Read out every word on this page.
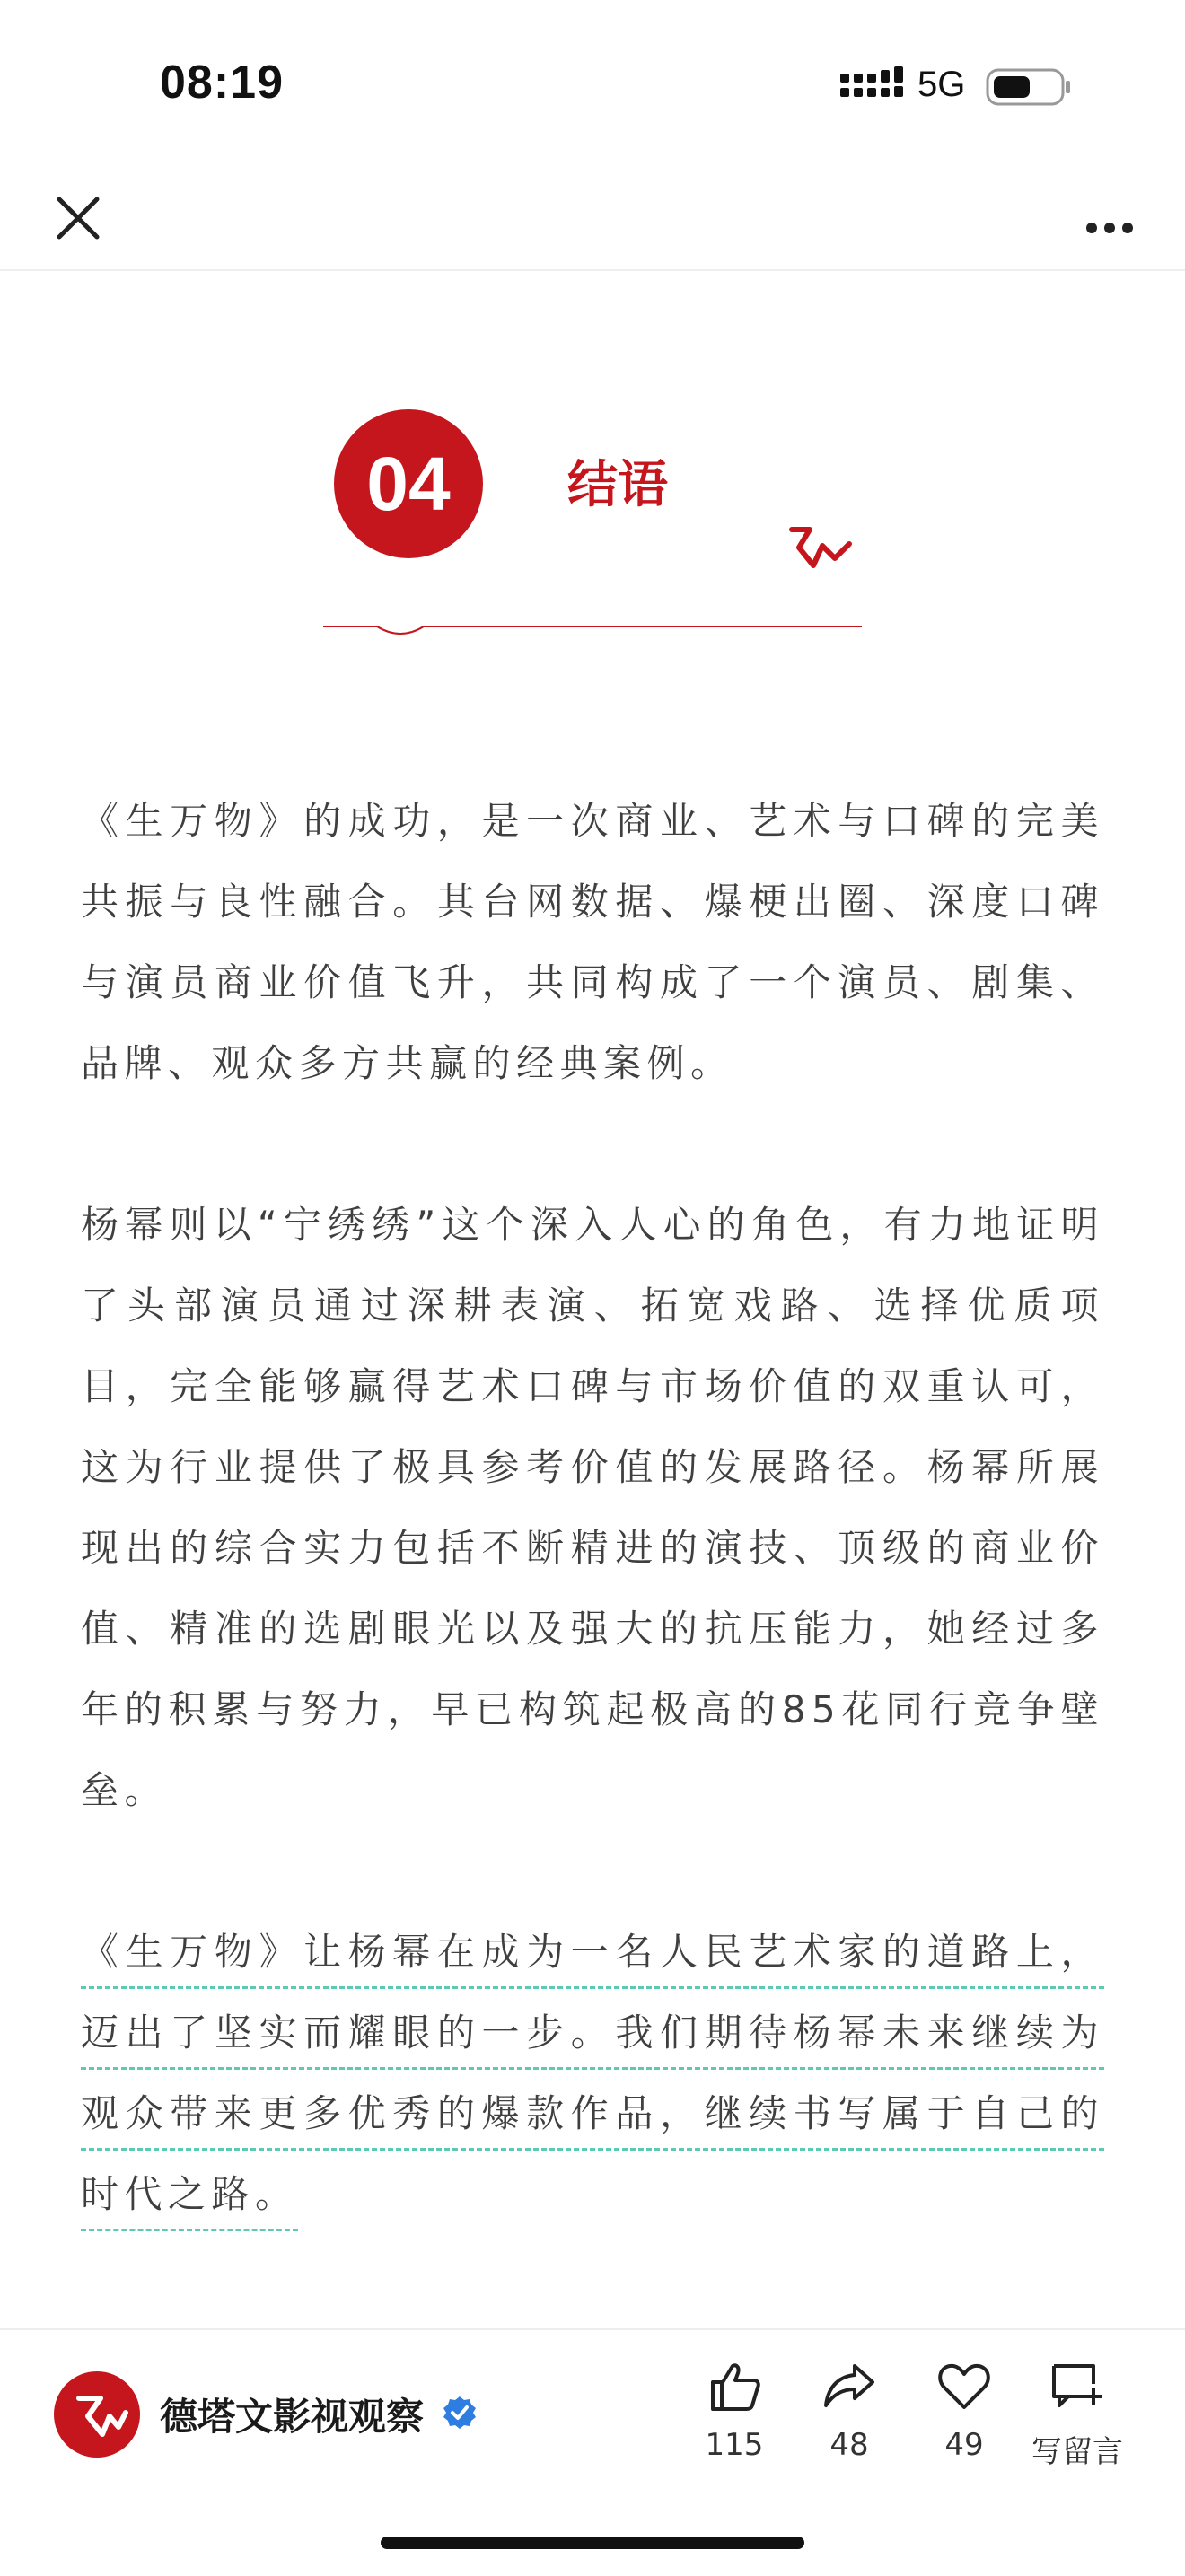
08:19	5G
04	结语

《生万物》的成功，是一次商业、艺术与口碑的完美共振与良性融合。其台网数据、爆梗出圈、深度口碑与演员商业价值飞升，共同构成了一个演员、剧集、品牌、观众多方共赢的经典案例。

杨幂则以“宁绣绣”这个深入人心的角色，有力地证明了头部演员通过深耕表演、拓宽戏路、选择优质项目，完全能够赢得艺术口碑与市场价值的双重认可，这为行业提供了极具参考价值的发展路径。杨幂所展现出的综合实力包括不断精进的演技、顶级的商业价值、精准的选剧眼光以及强大的抗压能力，她经过多年的积累与努力，早已构筑起极高的85花同行竞争壁垒。

《生万物》让杨幂在成为一名人民艺术家的道路上，迈出了坚实而耀眼的一步。我们期待杨幂未来继续为观众带来更多优秀的爆款作品，继续书写属于自己的时代之路。

德塔文影视观察
115	48	49	写留言
